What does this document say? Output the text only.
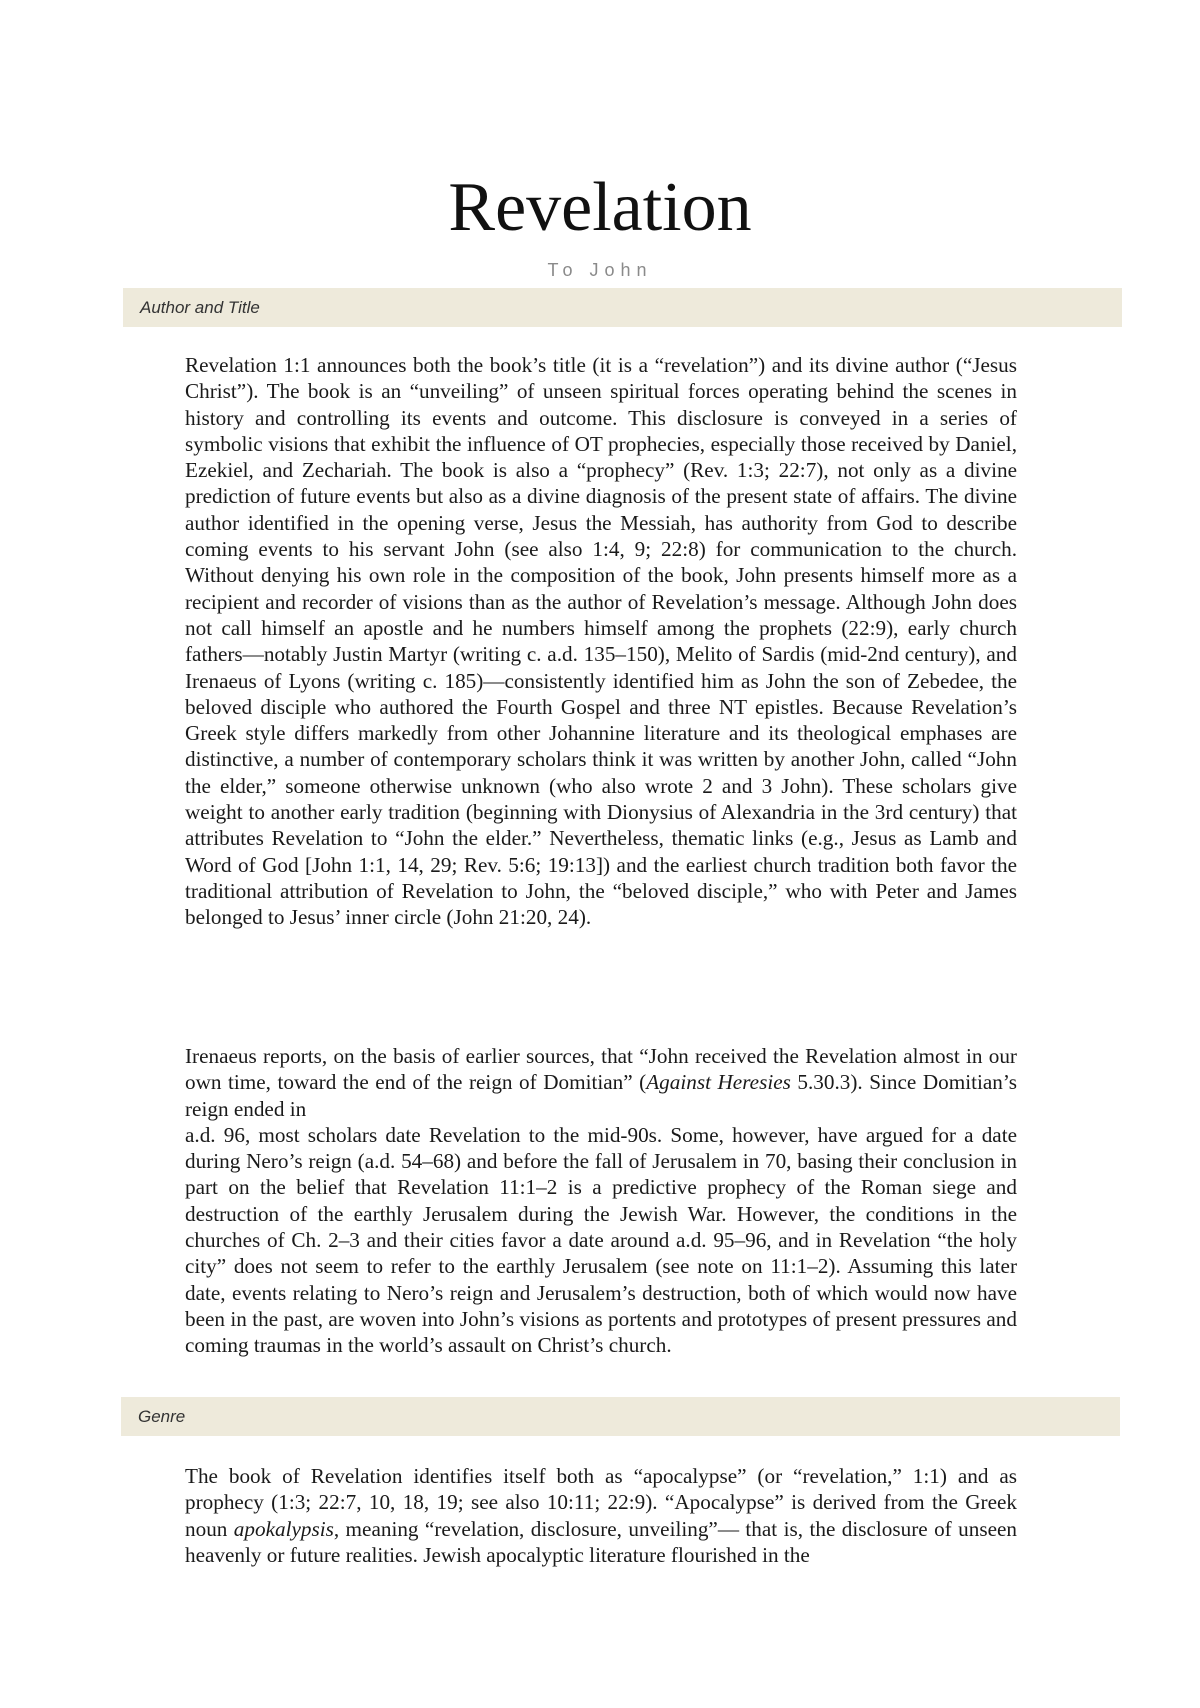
Revelation
To John
Author and Title

Revelation 1:1 announces both the book’s title (it is a “revelation”) and its divine author (“Jesus Christ”). The book is an “unveiling” of unseen spiritual forces operating behind the scenes in history and controlling its events and outcome. This disclosure is conveyed in a series of symbolic visions that exhibit the influence of OT prophecies, especially those received by Daniel, Ezekiel, and Zechariah. The book is also a “prophecy” (Rev. 1:3; 22:7), not only as a divine prediction of future events but also as a divine diagnosis of the present state of affairs. The divine author identified in the opening verse, Jesus the Messiah, has authority from God to describe coming events to his servant John (see also 1:4, 9; 22:8) for communication to the church. Without denying his own role in the composition of the book, John presents himself more as a recipient and recorder of visions than as the author of Revelation’s message. Although John does not call himself an apostle and he numbers himself among the prophets (22:9), early church fathers—notably Justin Martyr (writing c. a.d. 135–150), Melito of Sardis (mid-2nd century), and Irenaeus of Lyons (writing c. 185)—consistently identified him as John the son of Zebedee, the beloved disciple who authored the Fourth Gospel and three NT epistles. Because Revelation’s Greek style differs markedly from other Johannine literature and its theological emphases are distinctive, a number of contemporary scholars think it was written by another John, called “John the elder,” someone otherwise unknown (who also wrote 2 and 3 John). These scholars give weight to another early tradition (beginning with Dionysius of Alexandria in the 3rd century) that attributes Revelation to “John the elder.” Nevertheless, thematic links (e.g., Jesus as Lamb and Word of God [John 1:1, 14, 29; Rev. 5:6; 19:13]) and the earliest church tradition both favor the traditional attribution of Revelation to John, the “beloved disciple,” who with Peter and James belonged to Jesus’ inner circle (John 21:20, 24).

Irenaeus reports, on the basis of earlier sources, that “John received the Revelation almost in our own time, toward the end of the reign of Domitian” (Against Heresies 5.30.3). Since Domitian’s reign ended in
a.d. 96, most scholars date Revelation to the mid-90s. Some, however, have argued for a date during Nero’s reign (a.d. 54–68) and before the fall of Jerusalem in 70, basing their conclusion in part on the belief that Revelation 11:1–2 is a predictive prophecy of the Roman siege and destruction of the earthly Jerusalem during the Jewish War. However, the conditions in the churches of Ch. 2–3 and their cities favor a date around a.d. 95–96, and in Revelation “the holy city” does not seem to refer to the earthly Jerusalem (see note on 11:1–2). Assuming this later date, events relating to Nero’s reign and Jerusalem’s destruction, both of which would now have been in the past, are woven into John’s visions as portents and prototypes of present pressures and coming traumas in the world’s assault on Christ’s church.

Genre

The book of Revelation identifies itself both as “apocalypse” (or “revelation,” 1:1) and as prophecy (1:3; 22:7, 10, 18, 19; see also 10:11; 22:9). “Apocalypse” is derived from the Greek noun apokalypsis, meaning “revelation, disclosure, unveiling”— that is, the disclosure of unseen heavenly or future realities. Jewish apocalyptic literature flourished in the
